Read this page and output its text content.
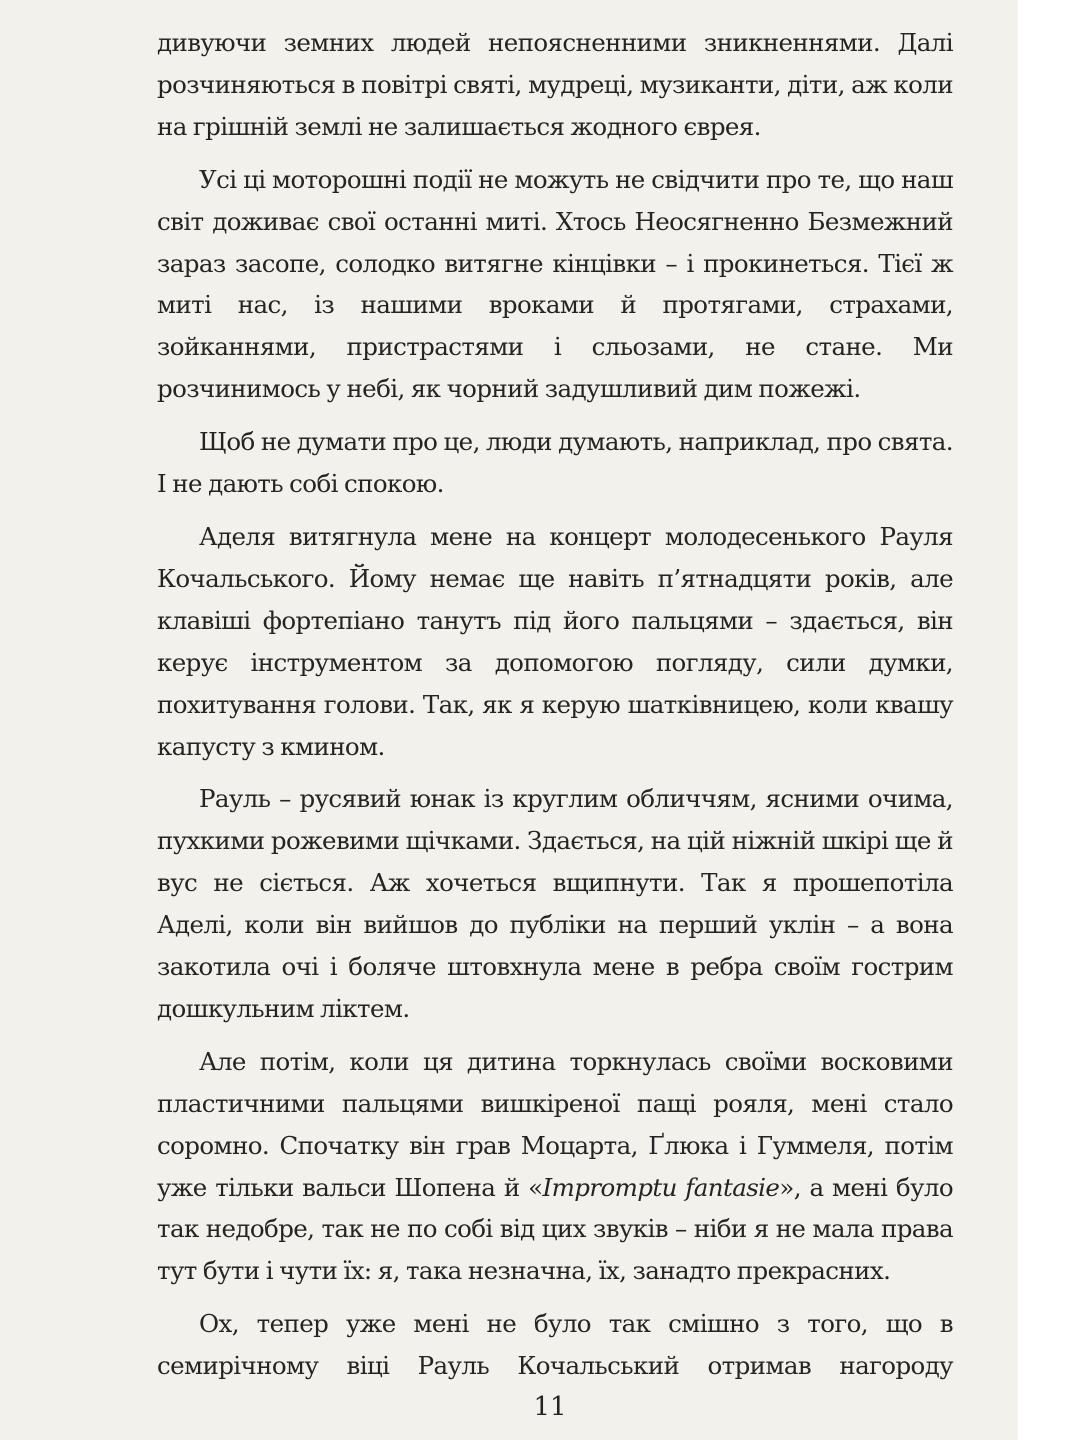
дивуючи земних людей непоясненними зникненнями. Далі розчиняються в повітрі святі, мудреці, музиканти, діти, аж коли на грішній землі не залишається жодного єврея.

Усі ці моторошні події не можуть не свідчити про те, що наш світ доживає свої останні миті. Хтось Неосягненно Безмежний зараз засопе, солодко витягне кінцівки – і прокинеться. Тієї ж миті нас, із нашими вроками й протягами, страхами, зойканнями, пристрастями і сльозами, не стане. Ми розчинимось у небі, як чорний задушливий дим пожежі.

Щоб не думати про це, люди думають, наприклад, про свята. І не дають собі спокою.

Аделя витягнула мене на концерт молодесенького Рауля Кочальського. Йому немає ще навіть п’ятнадцяти років, але клавіші фортепіано танутъ під його пальцями – здається, він керує інструментом за допомогою погляду, сили думки, похитування голови. Так, як я керую шатківницею, коли квашу капусту з кмином.

Рауль – русявий юнак із круглим обличчям, ясними очима, пухкими рожевими щічками. Здається, на цій ніжній шкірі ще й вус не сіється. Аж хочеться вщипнути. Так я прошепотіла Аделі, коли він вийшов до публіки на перший уклін – а вона закотила очі і боляче штовхнула мене в ребра своїм гострим дошкульним ліктем.

Але потім, коли ця дитина торкнулась своїми восковими пластичними пальцями вишкіреної пащі рояля, мені стало соромно. Спочатку він грав Моцарта, Ґлюка і Гуммеля, потім уже тільки вальси Шопена й «Impromptu fantasie», а мені було так недобре, так не по собі від цих звуків – ніби я не мала права тут бути і чути їх: я, така незначна, їх, занадто прекрасних.

Ох, тепер уже мені не було так смішно з того, що в семирічному віці Рауль Кочальський отримав нагороду

11
